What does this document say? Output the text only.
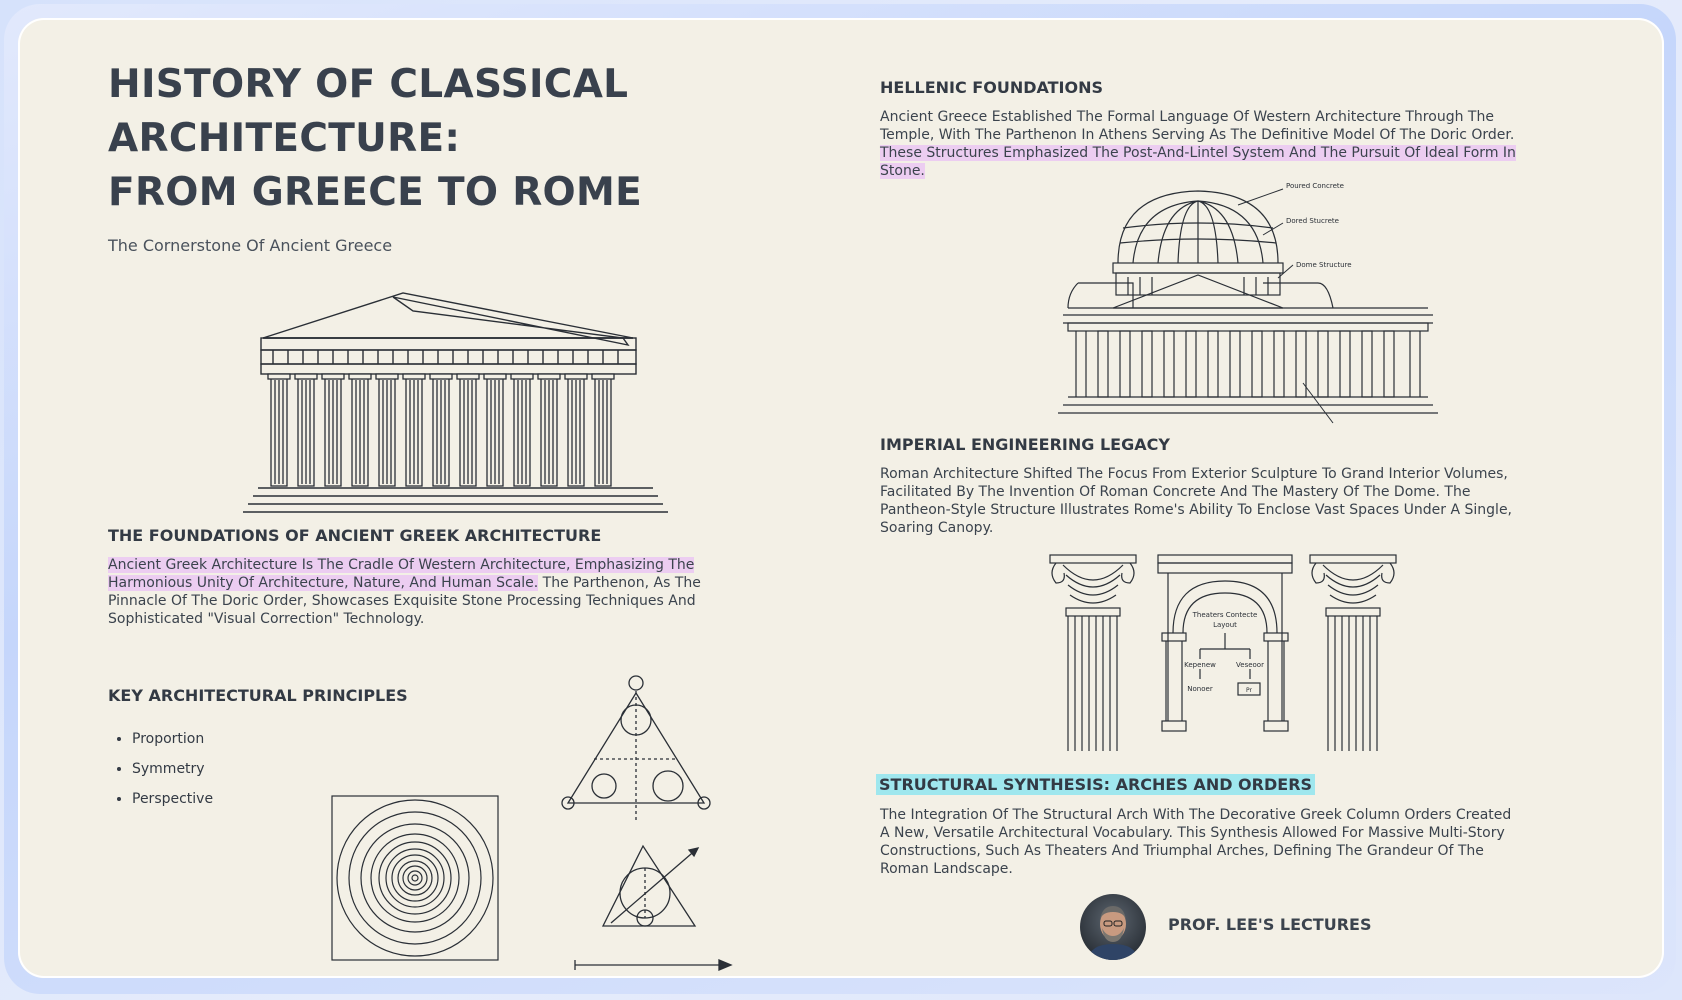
HISTORY OF CLASSICAL
ARCHITECTURE:
FROM GREECE TO ROME
The Cornerstone Of Ancient Greece
THE FOUNDATIONS OF ANCIENT GREEK ARCHITECTURE

Ancient Greek Architecture Is The Cradle Of Western Architecture, Emphasizing The Harmonious Unity Of Architecture, Nature, And Human Scale. The Parthenon, As The Pinnacle Of The Doric Order, Showcases Exquisite Stone Processing Techniques And Sophisticated "Visual Correction" Technology.

KEY ARCHITECTURAL PRINCIPLES
• Proportion
• Symmetry
• Perspective
HELLENIC FOUNDATIONS

Ancient Greece Established The Formal Language Of Western Architecture Through The Temple, With The Parthenon In Athens Serving As The Definitive Model Of The Doric Order. These Structures Emphasized The Post-And-Lintel System And The Pursuit Of Ideal Form In Stone.

Poured Concrete
Dored Stucrete
Dome Structure
IMPERIAL ENGINEERING LEGACY

Roman Architecture Shifted The Focus From Exterior Sculpture To Grand Interior Volumes, Facilitated By The Invention Of Roman Concrete And The Mastery Of The Dome. The Pantheon-Style Structure Illustrates Rome's Ability To Enclose Vast Spaces Under A Single, Soaring Canopy.

Theaters Contecte
Layout
Kepenew	Veseoor
Nonoer	Pr
STRUCTURAL SYNTHESIS: ARCHES AND ORDERS

The Integration Of The Structural Arch With The Decorative Greek Column Orders Created A New, Versatile Architectural Vocabulary. This Synthesis Allowed For Massive Multi-Story Constructions, Such As Theaters And Triumphal Arches, Defining The Grandeur Of The Roman Landscape.

PROF. LEE'S LECTURES
